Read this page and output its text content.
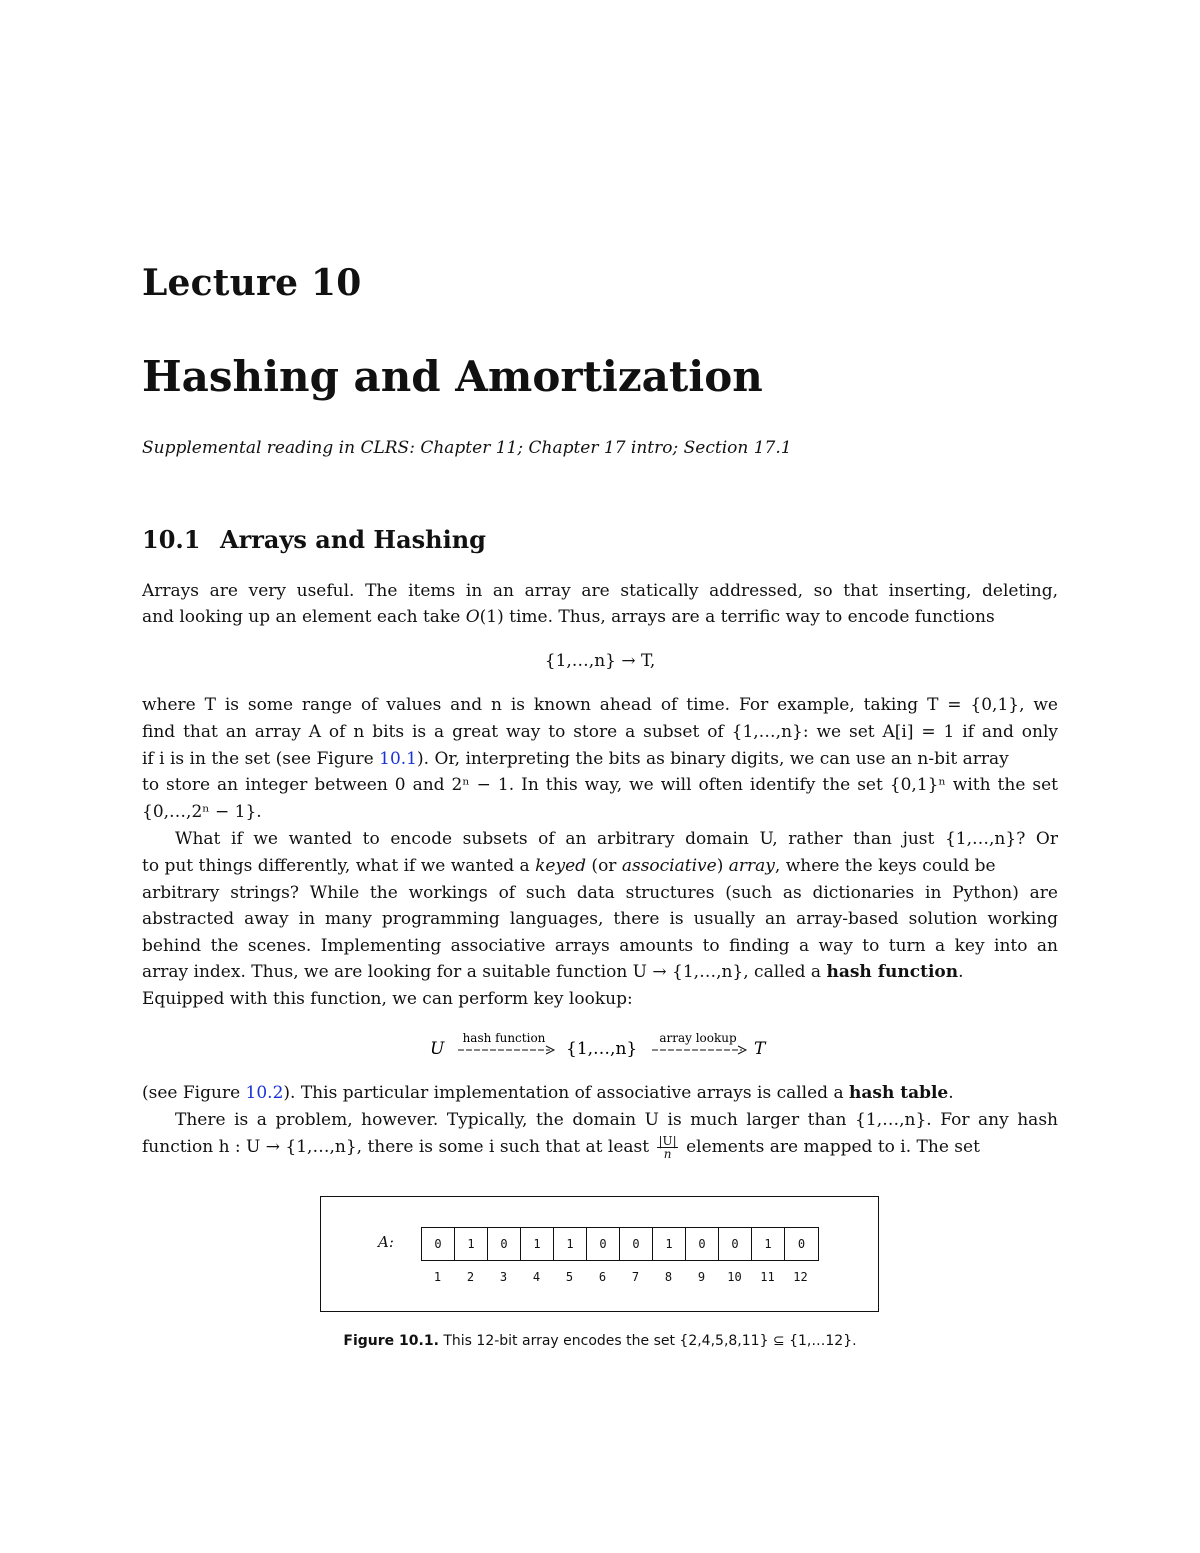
Lecture 10
Hashing and Amortization
Supplemental reading in CLRS: Chapter 11; Chapter 17 intro; Section 17.1
10.1 Arrays and Hashing
Arrays are very useful. The items in an array are statically addressed, so that inserting, deleting,
and looking up an element each take O(1) time. Thus, arrays are a terrific way to encode functions
{1,…,n} → T,
where T is some range of values and n is known ahead of time. For example, taking T = {0,1}, we
find that an array A of n bits is a great way to store a subset of {1,…,n}: we set A[i] = 1 if and only
if i is in the set (see Figure 10.1). Or, interpreting the bits as binary digits, we can use an n-bit array
to store an integer between 0 and 2ⁿ − 1. In this way, we will often identify the set {0,1}ⁿ with the set
{0,…,2ⁿ − 1}.
What if we wanted to encode subsets of an arbitrary domain U, rather than just {1,…,n}? Or
to put things differently, what if we wanted a keyed (or associative) array, where the keys could be
arbitrary strings? While the workings of such data structures (such as dictionaries in Python) are
abstracted away in many programming languages, there is usually an array-based solution working
behind the scenes. Implementing associative arrays amounts to finding a way to turn a key into an
array index. Thus, we are looking for a suitable function U → {1,…,n}, called a hash function.
Equipped with this function, we can perform key lookup:
U
hash function
{1,…,n}
array lookup
T
(see Figure 10.2). This particular implementation of associative arrays is called a hash table.
There is a problem, however. Typically, the domain U is much larger than {1,…,n}. For any hash
function h : U → {1,…,n}, there is some i such that at least $\frac{|U|}{n}$ elements are mapped to i. The set
A:	0	1	0	1	1	0	0	1	0	0	1	0
1	2	3	4	5	6	7	8	9	10	11	12
Figure 10.1. This 12-bit array encodes the set {2,4,5,8,11} ⊆ {1,…12}.
